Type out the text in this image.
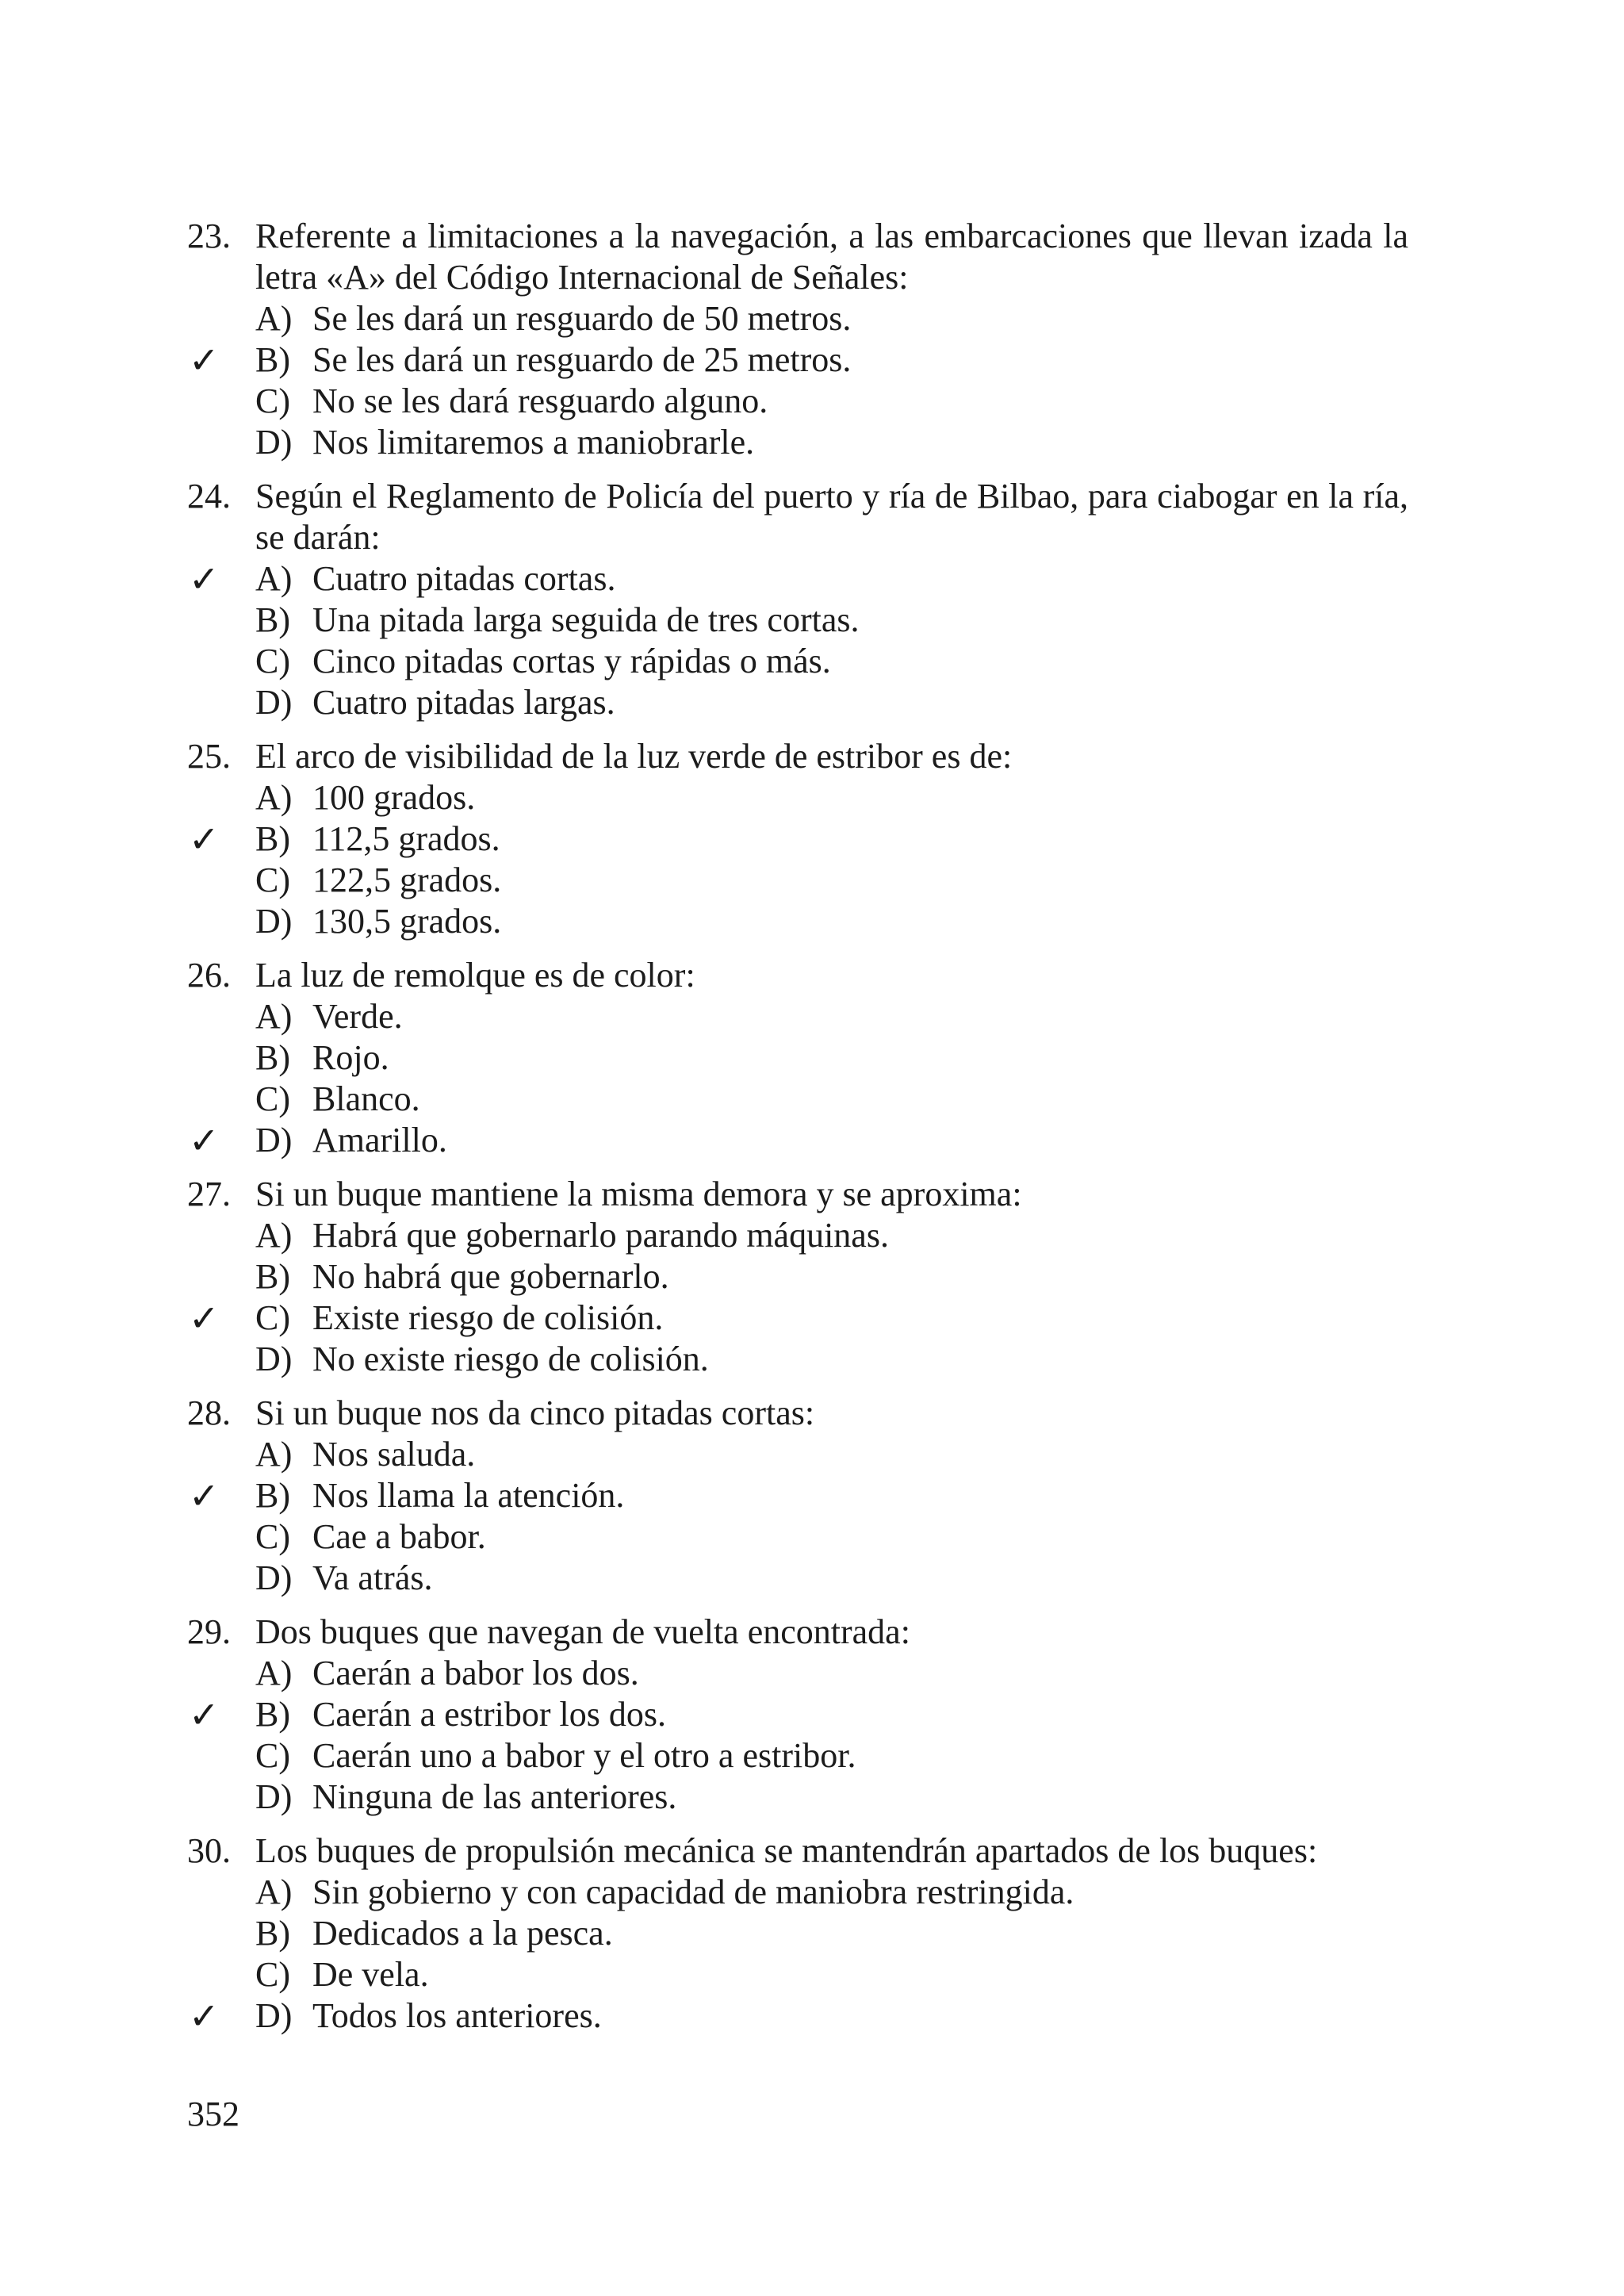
23. Referente a limitaciones a la navegación, a las embarcaciones que llevan izada la letra «A» del Código Internacional de Señales:
A) Se les dará un resguardo de 50 metros.
✓ B) Se les dará un resguardo de 25 metros.
C) No se les dará resguardo alguno.
D) Nos limitaremos a maniobrarle.
24. Según el Reglamento de Policía del puerto y ría de Bilbao, para ciabogar en la ría, se darán:
✓ A) Cuatro pitadas cortas.
B) Una pitada larga seguida de tres cortas.
C) Cinco pitadas cortas y rápidas o más.
D) Cuatro pitadas largas.
25. El arco de visibilidad de la luz verde de estribor es de:
A) 100 grados.
✓ B) 112,5 grados.
C) 122,5 grados.
D) 130,5 grados.
26. La luz de remolque es de color:
A) Verde.
B) Rojo.
C) Blanco.
✓ D) Amarillo.
27. Si un buque mantiene la misma demora y se aproxima:
A) Habrá que gobernarlo parando máquinas.
B) No habrá que gobernarlo.
✓ C) Existe riesgo de colisión.
D) No existe riesgo de colisión.
28. Si un buque nos da cinco pitadas cortas:
A) Nos saluda.
✓ B) Nos llama la atención.
C) Cae a babor.
D) Va atrás.
29. Dos buques que navegan de vuelta encontrada:
A) Caerán a babor los dos.
✓ B) Caerán a estribor los dos.
C) Caerán uno a babor y el otro a estribor.
D) Ninguna de las anteriores.
30. Los buques de propulsión mecánica se mantendrán apartados de los buques:
A) Sin gobierno y con capacidad de maniobra restringida.
B) Dedicados a la pesca.
C) De vela.
✓ D) Todos los anteriores.
352
